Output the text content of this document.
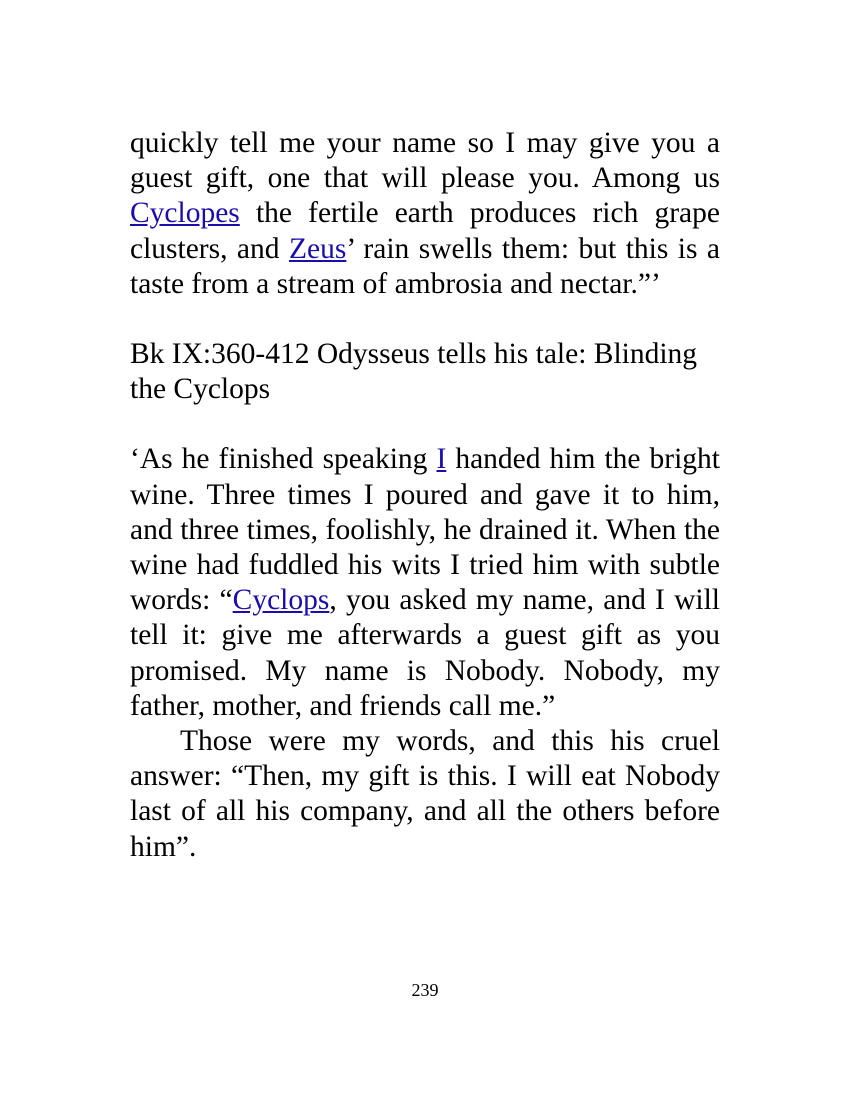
quickly tell me your name so I may give you a guest gift, one that will please you. Among us Cyclopes the fertile earth produces rich grape clusters, and Zeus’ rain swells them: but this is a taste from a stream of ambrosia and nectar.”’

Bk IX:360-412 Odysseus tells his tale: Blinding the Cyclops

‘As he finished speaking I handed him the bright wine. Three times I poured and gave it to him, and three times, foolishly, he drained it. When the wine had fuddled his wits I tried him with subtle words: “Cyclops, you asked my name, and I will tell it: give me afterwards a guest gift as you promised. My name is Nobody. Nobody, my father, mother, and friends call me.”

Those were my words, and this his cruel answer: “Then, my gift is this. I will eat Nobody last of all his company, and all the others before him”.

239
